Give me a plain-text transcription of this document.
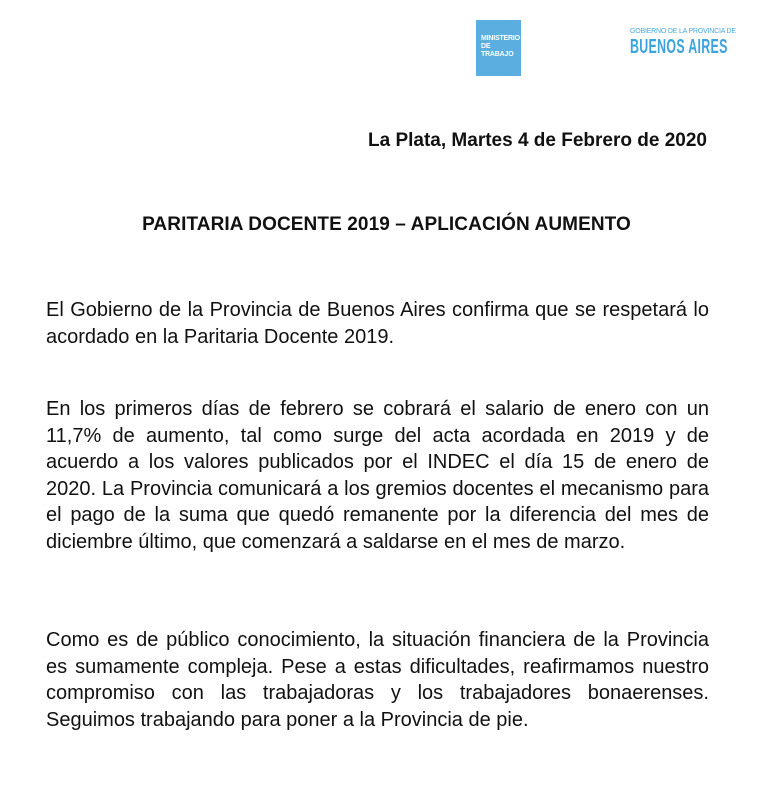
MINISTERIO DE
TRABAJO
GOBIERNO DE LA PROVINCIA DE
BUENOS AIRES
La Plata, Martes 4 de Febrero de 2020
PARITARIA DOCENTE 2019 – APLICACIÓN AUMENTO

El Gobierno de la Provincia de Buenos Aires confirma que se respetará lo acordado en la Paritaria Docente 2019.

En los primeros días de febrero se cobrará el salario de enero con un 11,7% de aumento, tal como surge del acta acordada en 2019 y de acuerdo a los valores publicados por el INDEC el día 15 de enero de 2020. La Provincia comunicará a los gremios docentes el mecanismo para el pago de la suma que quedó remanente por la diferencia del mes de diciembre último, que comenzará a saldarse en el mes de marzo.

Como es de público conocimiento, la situación financiera de la Provincia es sumamente compleja. Pese a estas dificultades, reafirmamos nuestro compromiso con las trabajadoras y los trabajadores bonaerenses. Seguimos trabajando para poner a la Provincia de pie.
